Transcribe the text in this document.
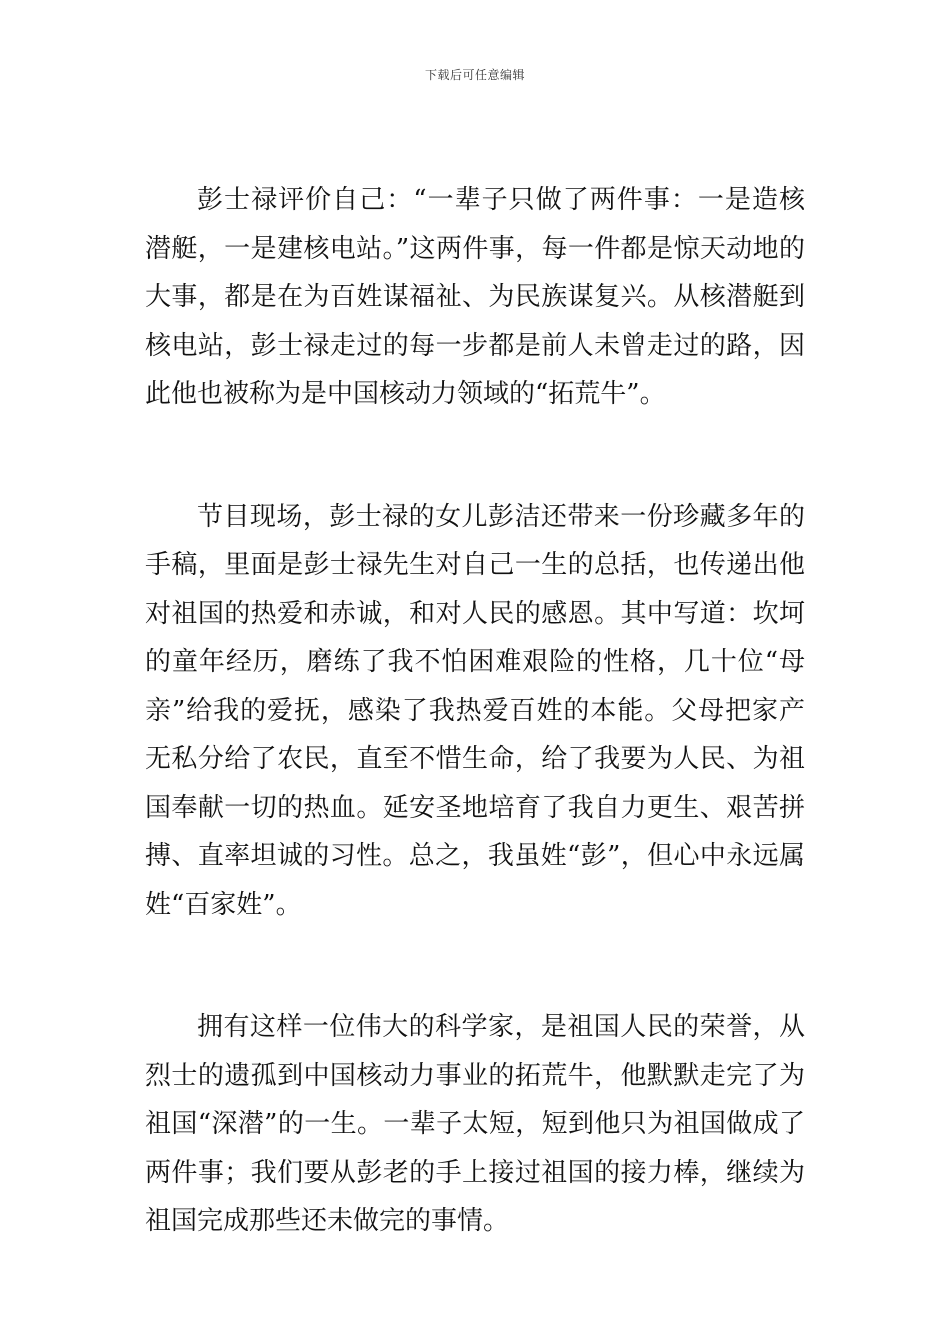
下载后可任意编辑

彭士禄评价自己：“一辈子只做了两件事：一是造核潜艇，一是建核电站。”这两件事，每一件都是惊天动地的大事，都是在为百姓谋福祉、为民族谋复兴。从核潜艇到核电站，彭士禄走过的每一步都是前人未曾走过的路，因此他也被称为是中国核动力领域的“拓荒牛”。

节目现场，彭士禄的女儿彭洁还带来一份珍藏多年的手稿，里面是彭士禄先生对自己一生的总括，也传递出他对祖国的热爱和赤诚，和对人民的感恩。其中写道：坎坷的童年经历，磨练了我不怕困难艰险的性格，几十位“母亲”给我的爱抚，感染了我热爱百姓的本能。父母把家产无私分给了农民，直至不惜生命，给了我要为人民、为祖国奉献一切的热血。延安圣地培育了我自力更生、艰苦拼搏、直率坦诚的习性。总之，我虽姓“彭”，但心中永远属姓“百家姓”。

拥有这样一位伟大的科学家，是祖国人民的荣誉，从烈士的遗孤到中国核动力事业的拓荒牛，他默默走完了为祖国“深潜”的一生。一辈子太短，短到他只为祖国做成了两件事；我们要从彭老的手上接过祖国的接力棒，继续为祖国完成那些还未做完的事情。
